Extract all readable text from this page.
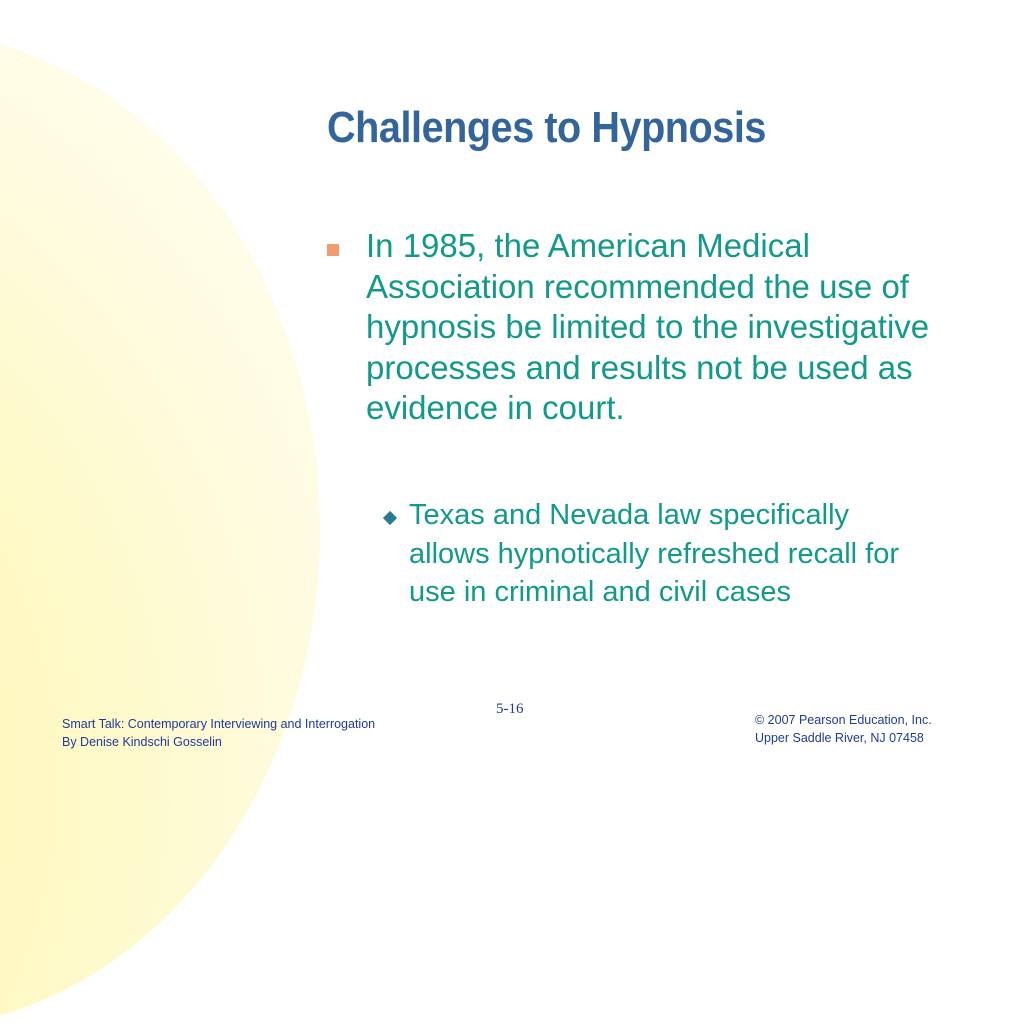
Challenges to Hypnosis
In 1985, the American Medical Association recommended the use of hypnosis be limited to the investigative processes and results not be used as evidence in court.
Texas and Nevada law specifically allows hypnotically refreshed recall for use in criminal and civil cases
Smart Talk: Contemporary Interviewing and Interrogation
By Denise Kindschi Gosselin
5-16
© 2007 Pearson Education, Inc.
Upper Saddle River, NJ 07458
